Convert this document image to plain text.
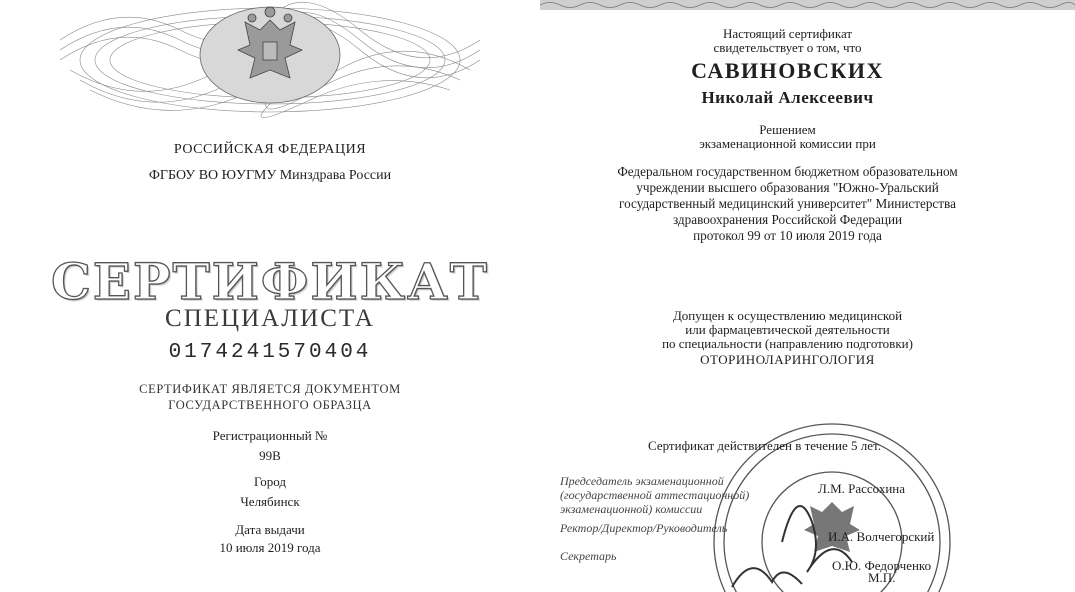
РОССИЙСКАЯ ФЕДЕРАЦИЯ
ФГБОУ ВО ЮУГМУ Минздрава России
СЕРТИФИКАТ
СПЕЦИАЛИСТА
0174241570404
СЕРТИФИКАТ ЯВЛЯЕТСЯ ДОКУМЕНТОМ
ГОСУДАРСТВЕННОГО ОБРАЗЦА
Регистрационный №
99В
Город
Челябинск
Дата выдачи
10 июля 2019 года
Настоящий сертификат
свидетельствует о том, что
САВИНОВСКИХ
Николай Алексеевич
Решением
экзаменационной комиссии при
Федеральном государственном бюджетном образовательном
учреждении высшего образования "Южно-Уральский
государственный медицинский университет" Министерства
здравоохранения Российской Федерации
протокол 99 от 10 июля 2019 года
Допущен к осуществлению медицинской
или фармацевтической деятельности
по специальности (направлению подготовки)
ОТОРИНОЛАРИНГОЛОГИЯ
Сертификат действителен в течение 5 лет.
Председатель экзаменационной
(государственной аттестационной)
экзаменационной) комиссии
Л.М. Рассохина
Ректор/Директор/Руководитель
И.А. Волчегорский
Секретарь
О.Ю. Федорченко
М.П.
